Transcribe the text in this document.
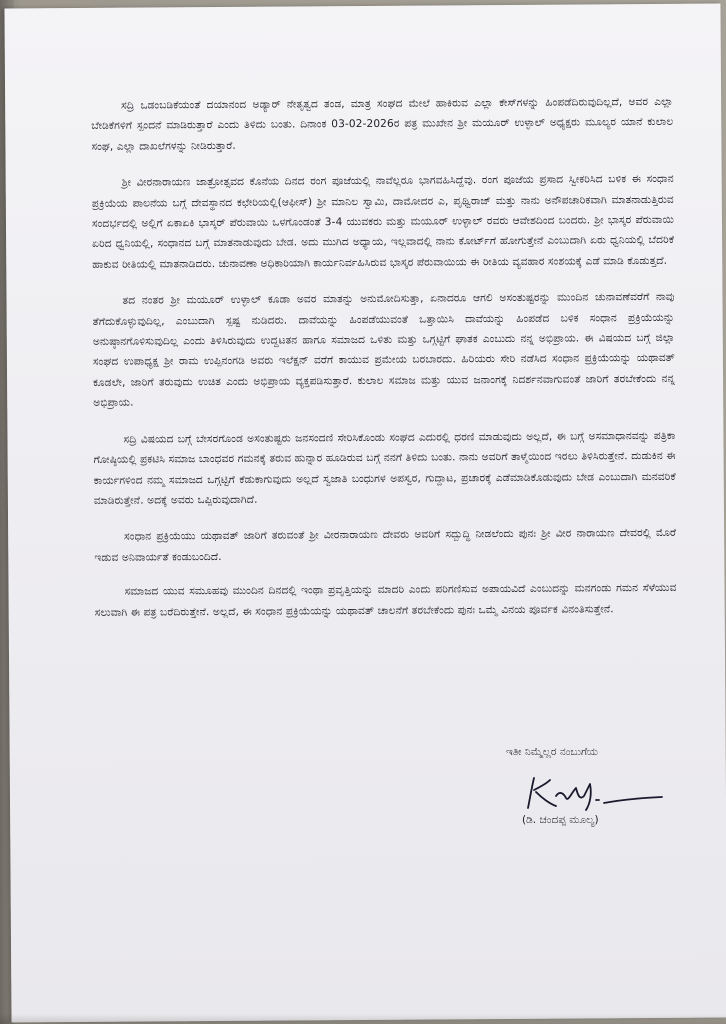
ಸದ್ರಿ ಒಡಂಬಡಿಕೆಯಂತೆ ದಯಾನಂದ ಅಡ್ಯಾರ್ ನೇತೃತ್ವದ ತಂಡ, ಮಾತ್ರ ಸಂಘದ ಮೇಲೆ ಹಾಕಿರುವ ಎಲ್ಲಾ ಕೇಸ್‌ಗಳನ್ನು ಹಿಂಪಡೆದಿರುವುದಿಲ್ಲದೆ, ಅವರ ಎಲ್ಲಾ ಬೇಡಿಕೆಗಳಿಗೆ ಸ್ಪಂದನೆ ಮಾಡಿರುತ್ತಾರೆ ಎಂದು ತಿಳಿದು ಬಂತು. ದಿನಾಂಕ 03-02-2026ರ ಪತ್ರ ಮುಖೇನ ಶ್ರೀ ಮಯೂರ್ ಉಳ್ಳಾಲ್ ಅಧ್ಯಕ್ಷರು ಮೂಲ್ಯರ ಯಾನೆ ಕುಲಾಲ ಸಂಘ, ಎಲ್ಲಾ ದಾಖಲೆಗಳನ್ನು ನೀಡಿರುತ್ತಾರೆ.

ಶ್ರೀ ವೀರನಾರಾಯಣ ಜಾತ್ರೋತ್ಸವದ ಕೊನೆಯ ದಿನದ ರಂಗ ಪೂಜೆಯಲ್ಲಿ ನಾವೆಲ್ಲರೂ ಭಾಗವಹಿಸಿದ್ದೆವು. ರಂಗ ಪೂಜೆಯ ಪ್ರಸಾದ ಸ್ವೀಕರಿಸಿದ ಬಳಿಕ ಈ ಸಂಧಾನ ಪ್ರಕ್ರಿಯೆಯ ಪಾಲನೆಯ ಬಗ್ಗೆ ದೇವಸ್ಥಾನದ ಕಛೇರಿಯಲ್ಲಿ(ಆಫೀಸ್) ಶ್ರೀ ಮಾನಿಲ ಸ್ವಾಮಿ, ದಾಮೋದರ ಎ, ಪೃಥ್ವಿರಾಜ್ ಮತ್ತು ನಾನು ಅನೌಪಚಾರಿಕವಾಗಿ ಮಾತನಾಡುತ್ತಿರುವ ಸಂದರ್ಭದಲ್ಲಿ ಅಲ್ಲಿಗೆ ಏಕಾಏಕಿ ಭಾಸ್ಕರ್ ಪೆರುವಾಯಿ ಒಳಗೊಂಡಂತೆ 3-4 ಯುವಕರು ಮತ್ತು ಮಯೂರ್ ಉಳ್ಳಾಲ್ ರವರು ಆವೇಶದಿಂದ ಬಂದರು. ಶ್ರೀ ಭಾಸ್ಕರ ಪೆರುವಾಯಿ ಏರಿದ ಧ್ವನಿಯಲ್ಲಿ, ಸಂಧಾನದ ಬಗ್ಗೆ ಮಾತನಾಡುವುದು ಬೇಡ. ಅದು ಮುಗಿದ ಅಧ್ಯಾಯ, ಇಲ್ಲವಾದಲ್ಲಿ ನಾನು ಕೋರ್ಟ್‌ಗೆ ಹೋಗುತ್ತೇನೆ ಎಂಬುದಾಗಿ ಏರು ಧ್ವನಿಯಲ್ಲಿ ಬೆದರಿಕೆ ಹಾಕುವ ರೀತಿಯಲ್ಲಿ ಮಾತನಾಡಿದರು. ಚುನಾವಣಾ ಅಧಿಕಾರಿಯಾಗಿ ಕಾರ್ಯನಿರ್ವಹಿಸಿರುವ ಭಾಸ್ಕರ ಪೆರುವಾಯಿಯ ಈ ರೀತಿಯ ವ್ಯವಹಾರ ಸಂಶಯಕ್ಕೆ ಎಡೆ ಮಾಡಿ ಕೊಡುತ್ತದೆ.

ತದ ನಂತರ ಶ್ರೀ ಮಯೂರ್ ಉಳ್ಳಾಲ್ ಕೂಡಾ ಅವರ ಮಾತನ್ನು ಅನುಮೋದಿಸುತ್ತಾ, ಏನಾದರೂ ಆಗಲಿ ಅಸಂತುಷ್ಟರನ್ನು ಮುಂದಿನ ಚುನಾವಣೆವರೆಗೆ ನಾವು ತೆಗೆದುಕೊಳ್ಳುವುದಿಲ್ಲ, ಎಂಬುದಾಗಿ ಸ್ಪಷ್ಟ ನುಡಿದರು. ದಾವೆಯನ್ನು ಹಿಂಪಡೆಯುವಂತೆ ಒತ್ತಾಯಿಸಿ ದಾವೆಯನ್ನು ಹಿಂಪಡೆದ ಬಳಿಕ ಸಂಧಾನ ಪ್ರಕ್ರಿಯೆಯನ್ನು ಅನುಷ್ಠಾನಗೊಳಿಸುವುದಿಲ್ಲ ಎಂದು ತಿಳಿಸಿರುವುದು ಉದ್ದಟತನ ಹಾಗೂ ಸಮಾಜದ ಒಳಿತು ಮತ್ತು ಒಗ್ಗಟ್ಟಿಗೆ ಘಾತಕ ಎಂಬುದು ನನ್ನ ಅಭಿಪ್ರಾಯ. ಈ ವಿಷಯದ ಬಗ್ಗೆ ಜಿಲ್ಲಾ ಸಂಘದ ಉಪಾಧ್ಯಕ್ಷ ಶ್ರೀ ರಾಮ ಉಪ್ಪಿನಂಗಡಿ ಅವರು ಇಲೆಕ್ಷನ್ ವರೆಗೆ ಕಾಯುವ ಪ್ರಮೇಯ ಬರಬಾರದು. ಹಿರಿಯರು ಸೇರಿ ನಡೆಸಿದ ಸಂಧಾನ ಪ್ರಕ್ರಿಯೆಯನ್ನು ಯಥಾವತ್ ಕೂಡಲೇ, ಜಾರಿಗೆ ತರುವುದು ಉಚಿತ ಎಂದು ಅಭಿಪ್ರಾಯ ವ್ಯಕ್ತಪಡಿಸುತ್ತಾರೆ. ಕುಲಾಲ ಸಮಾಜ ಮತ್ತು ಯುವ ಜನಾಂಗಕ್ಕೆ ನಿದರ್ಶನವಾಗುವಂತೆ ಜಾರಿಗೆ ತರಬೇಕೆಂದು ನನ್ನ ಅಭಿಪ್ರಾಯ.

ಸದ್ರಿ ವಿಷಯದ ಬಗ್ಗೆ ಬೇಸರಗೊಂಡ ಅಸಂತುಷ್ಟರು ಜನಸಂದಣಿ ಸೇರಿಸಿಕೊಂಡು ಸಂಘದ ಎದುರಲ್ಲಿ ಧರಣಿ ಮಾಡುವುದು ಅಲ್ಲದೆ, ಈ ಬಗ್ಗೆ ಅಸಮಾಧಾನವನ್ನು ಪತ್ರಿಕಾ ಗೋಷ್ಠಿಯಲ್ಲಿ ಪ್ರಕಟಿಸಿ ಸಮಾಜ ಬಾಂಧವರ ಗಮನಕ್ಕೆ ತರುವ ಹುನ್ನಾರ ಹೂಡಿರುವ ಬಗ್ಗೆ ನನಗೆ ತಿಳಿದು ಬಂತು. ನಾನು ಅವರಿಗೆ ತಾಳ್ಮೆಯಿಂದ ಇರಲು ತಿಳಿಸಿರುತ್ತೇನೆ. ದುಡುಕಿನ ಈ ಕಾರ್ಯಗಳಿಂದ ನಮ್ಮ ಸಮಾಜದ ಒಗ್ಗಟ್ಟಿಗೆ ಕೆಡುಕಾಗುವುದು ಅಲ್ಲದೆ ಸ್ವಜಾತಿ ಬಂಧುಗಳ ಅಪಸ್ವರ, ಗುದ್ದಾಟ, ಪ್ರಚಾರಕ್ಕೆ ಎಡೆಮಾಡಿಕೊಡುವುದು ಬೇಡ ಎಂಬುದಾಗಿ ಮನವರಿಕೆ ಮಾಡಿರುತ್ತೇನೆ. ಅದಕ್ಕೆ ಅವರು ಒಪ್ಪಿರುವುದಾಗಿದೆ.

ಸಂಧಾನ ಪ್ರಕ್ರಿಯೆಯು ಯಥಾವತ್ ಜಾರಿಗೆ ತರುವಂತೆ ಶ್ರೀ ವೀರನಾರಾಯಣ ದೇವರು ಅವರಿಗೆ ಸದ್ಬುದ್ಧಿ ನೀಡಲೆಂದು ಪುನಃ ಶ್ರೀ ವೀರ ನಾರಾಯಣ ದೇವರಲ್ಲಿ ಮೊರೆ ಇಡುವ ಅನಿವಾರ್ಯತೆ ಕಂಡುಬಂದಿದೆ.

ಸಮಾಜದ ಯುವ ಸಮೂಹವು ಮುಂದಿನ ದಿನದಲ್ಲಿ ಇಂಥಾ ಪ್ರವೃತ್ತಿಯನ್ನು ಮಾದರಿ ಎಂದು ಪರಿಗಣಿಸುವ ಅಪಾಯವಿದೆ ಎಂಬುದನ್ನು ಮನಗಂಡು ಗಮನ ಸೆಳೆಯುವ ಸಲುವಾಗಿ ಈ ಪತ್ರ ಬರೆದಿರುತ್ತೇನೆ. ಅಲ್ಲದೆ, ಈ ಸಂಧಾನ ಪ್ರಕ್ರಿಯೆಯನ್ನು ಯಥಾವತ್ ಚಾಲನೆಗೆ ತರಬೇಕೆಂದು ಪುನಃ ಒಮ್ಮೆ ವಿನಯ ಪೂರ್ವಕ ವಿನಂತಿಸುತ್ತೇನೆ.

ಇತೀ ನಿಮ್ಮೆಲ್ಲರ ನಂಬುಗೆಯ
(ಡಿ. ಚಂದಪ್ಪ ಮೂಲ್ಯ)
